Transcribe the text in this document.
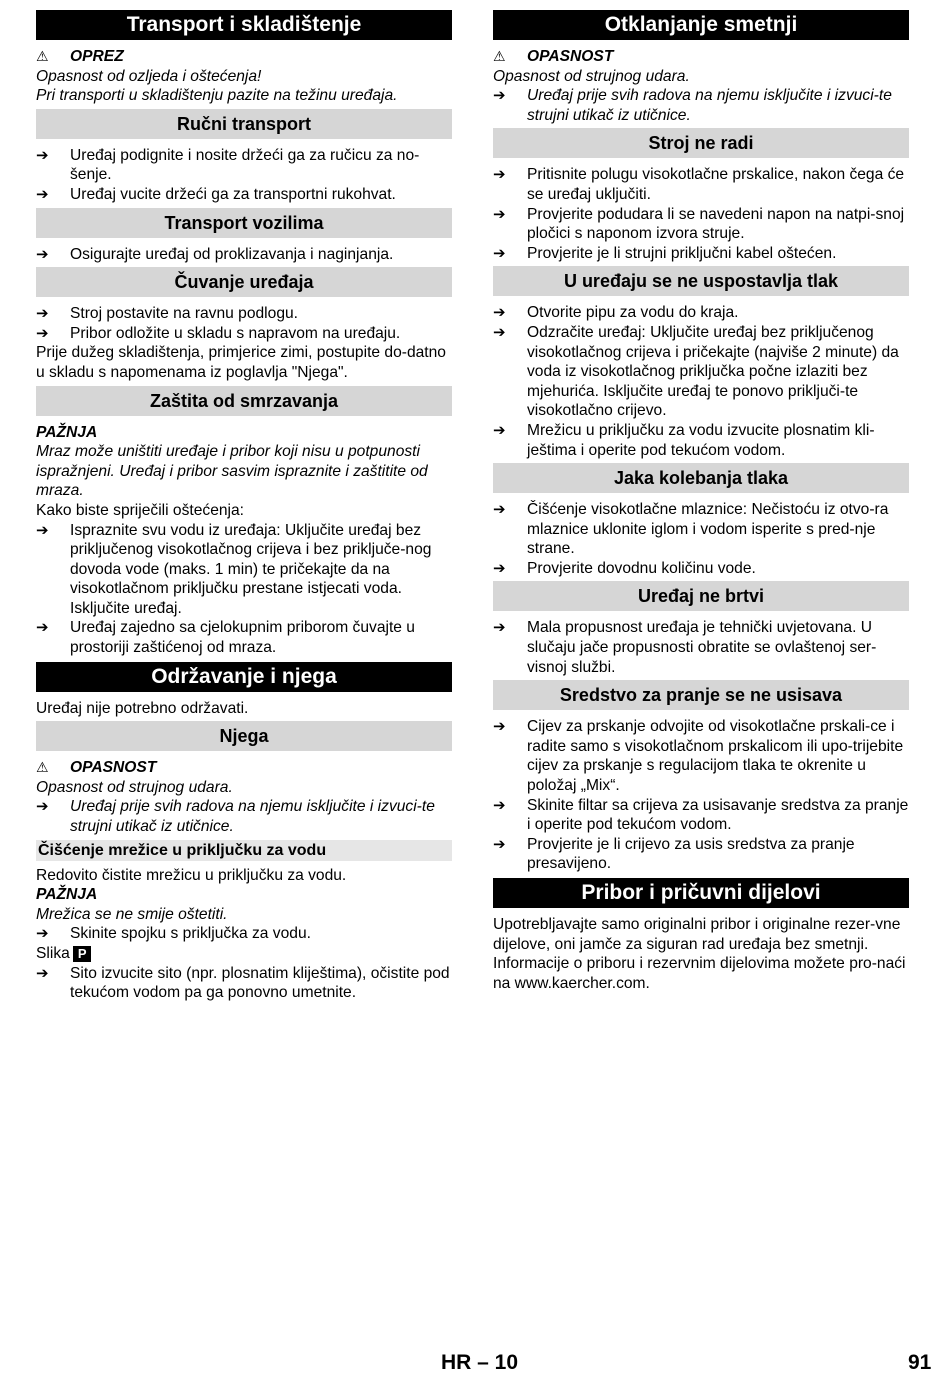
Transport i skladištenje
⚠	OPREZ

Opasnost od ozljeda i oštećenja!

Pri transporti u skladištenju pazite na težinu uređaja.

Ručni transport
➔	Uređaj podignite i nosite držeći ga za ručicu za no-šenje.
➔	Uređaj vucite držeći ga za transportni rukohvat.
Transport vozilima
➔	Osigurajte uređaj od proklizavanja i naginjanja.
Čuvanje uređaja
➔	Stroj postavite na ravnu podlogu.
➔	Pribor odložite u skladu s napravom na uređaju.

Prije dužeg skladištenja, primjerice zimi, postupite do-datno u skladu s napomenama iz poglavlja "Njega".

Zaštita od smrzavanja

PAŽNJA

Mraz može uništiti uređaje i pribor koji nisu u potpunosti ispražnjeni. Uređaj i pribor sasvim ispraznite i zaštitite od mraza.

Kako biste spriječili oštećenja:

➔	Ispraznite svu vodu iz uređaja: Uključite uređaj bez priključenog visokotlačnog crijeva i bez priključe-nog dovoda vode (maks. 1 min) te pričekajte da na visokotlačnom priključku prestane istjecati voda. Isključite uređaj.
➔	Uređaj zajedno sa cjelokupnim priborom čuvajte u prostoriji zaštićenoj od mraza.
Održavanje i njega

Uređaj nije potrebno održavati.

Njega
⚠	OPASNOST

Opasnost od strujnog udara.

➔	Uređaj prije svih radova na njemu isključite i izvuci-te strujni utikač iz utičnice.
Čišćenje mrežice u priključku za vodu

Redovito čistite mrežicu u priključku za vodu.

PAŽNJA

Mrežica se ne smije oštetiti.

➔	Skinite spojku s priključka za vodu.

Slika P

➔	Sito izvucite sito (npr. plosnatim kliještima), očistite pod tekućom vodom pa ga ponovno umetnite.
Otklanjanje smetnji
⚠	OPASNOST

Opasnost od strujnog udara.

➔	Uređaj prije svih radova na njemu isključite i izvuci-te strujni utikač iz utičnice.
Stroj ne radi
➔	Pritisnite polugu visokotlačne prskalice, nakon čega će se uređaj uključiti.
➔	Provjerite podudara li se navedeni napon na natpi-snoj pločici s naponom izvora struje.
➔	Provjerite je li strujni priključni kabel oštećen.
U uređaju se ne uspostavlja tlak
➔	Otvorite pipu za vodu do kraja.
➔	Odzračite uređaj: Uključite uređaj bez priključenog visokotlačnog crijeva i pričekajte (najviše 2 minute) da voda iz visokotlačnog priključka počne izlaziti bez mjehurića. Isključite uređaj te ponovo priključi-te visokotlačno crijevo.
➔	Mrežicu u priključku za vodu izvucite plosnatim kli-ještima i operite pod tekućom vodom.
Jaka kolebanja tlaka
➔	Čišćenje visokotlačne mlaznice: Nečistoću iz otvo-ra mlaznice uklonite iglom i vodom isperite s pred-nje strane.
➔	Provjerite dovodnu količinu vode.
Uređaj ne brtvi
➔	Mala propusnost uređaja je tehnički uvjetovana. U slučaju jače propusnosti obratite se ovlaštenoj ser-visnoj službi.
Sredstvo za pranje se ne usisava
➔	Cijev za prskanje odvojite od visokotlačne prskali-ce i radite samo s visokotlačnom prskalicom ili upo-trijebite cijev za prskanje s regulacijom tlaka te okrenite u položaj „Mix“.
➔	Skinite filtar sa crijeva za usisavanje sredstva za pranje i operite pod tekućom vodom.
➔	Provjerite je li crijevo za usis sredstva za pranje presavijeno.
Pribor i pričuvni dijelovi

Upotrebljavajte samo originalni pribor i originalne rezer-vne dijelove, oni jamče za siguran rad uređaja bez smetnji.

Informacije o priboru i rezervnim dijelovima možete pro-naći na www.kaercher.com.

HR – 10	91
